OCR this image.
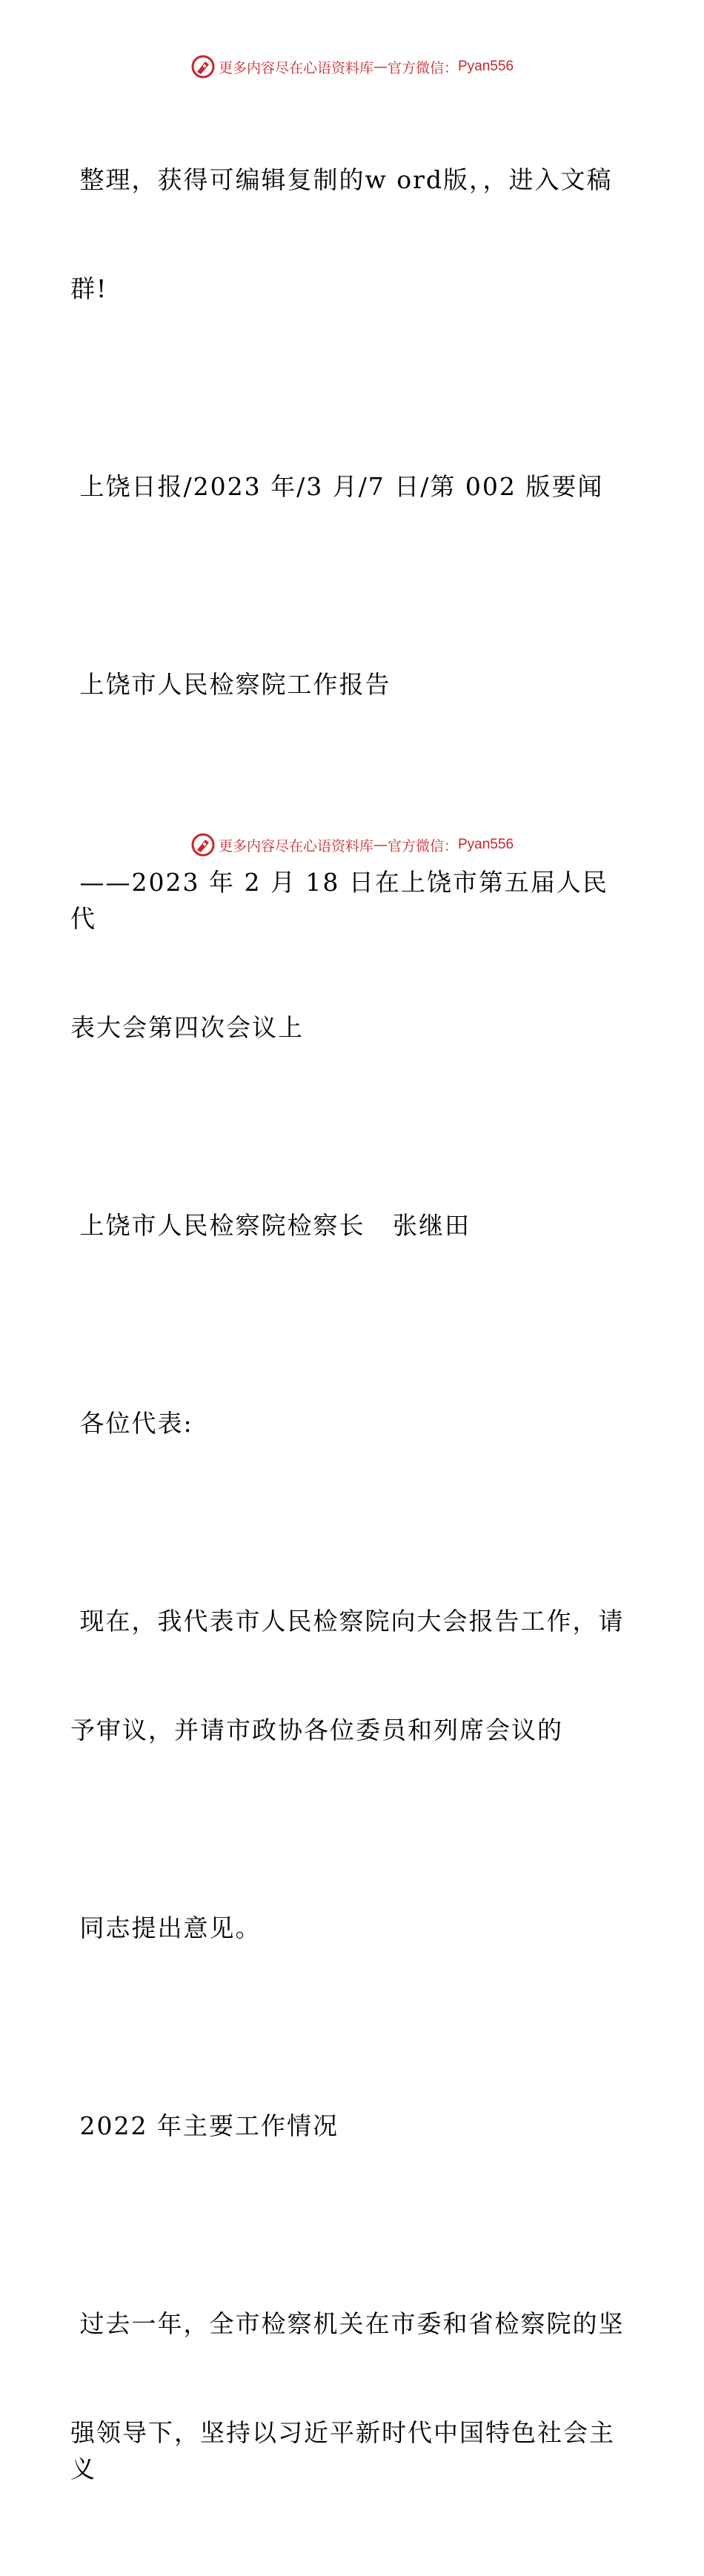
更多内容尽在心语资料库 — 官方微信： Pyan556

整理，获得可编辑复制的w ord版，，进入文稿

群!

上饶日报/2023 年/3 月/7 日/第 002 版要闻

上饶市人民检察院工作报告

——2023 年 2 月 18 日在上饶市第五届人民代

表大会第四次会议上

上饶市人民检察院检察长   张继田

各位代表:

现在，我代表市人民检察院向大会报告工作，请

予审议，并请市政协各位委员和列席会议的

同志提出意见。

2022 年主要工作情况

过去一年，全市检察机关在市委和省检察院的坚

强领导下，坚持以习近平新时代中国特色社会主义

更多内容尽在心语资料库 — 官方微信： Pyan556
